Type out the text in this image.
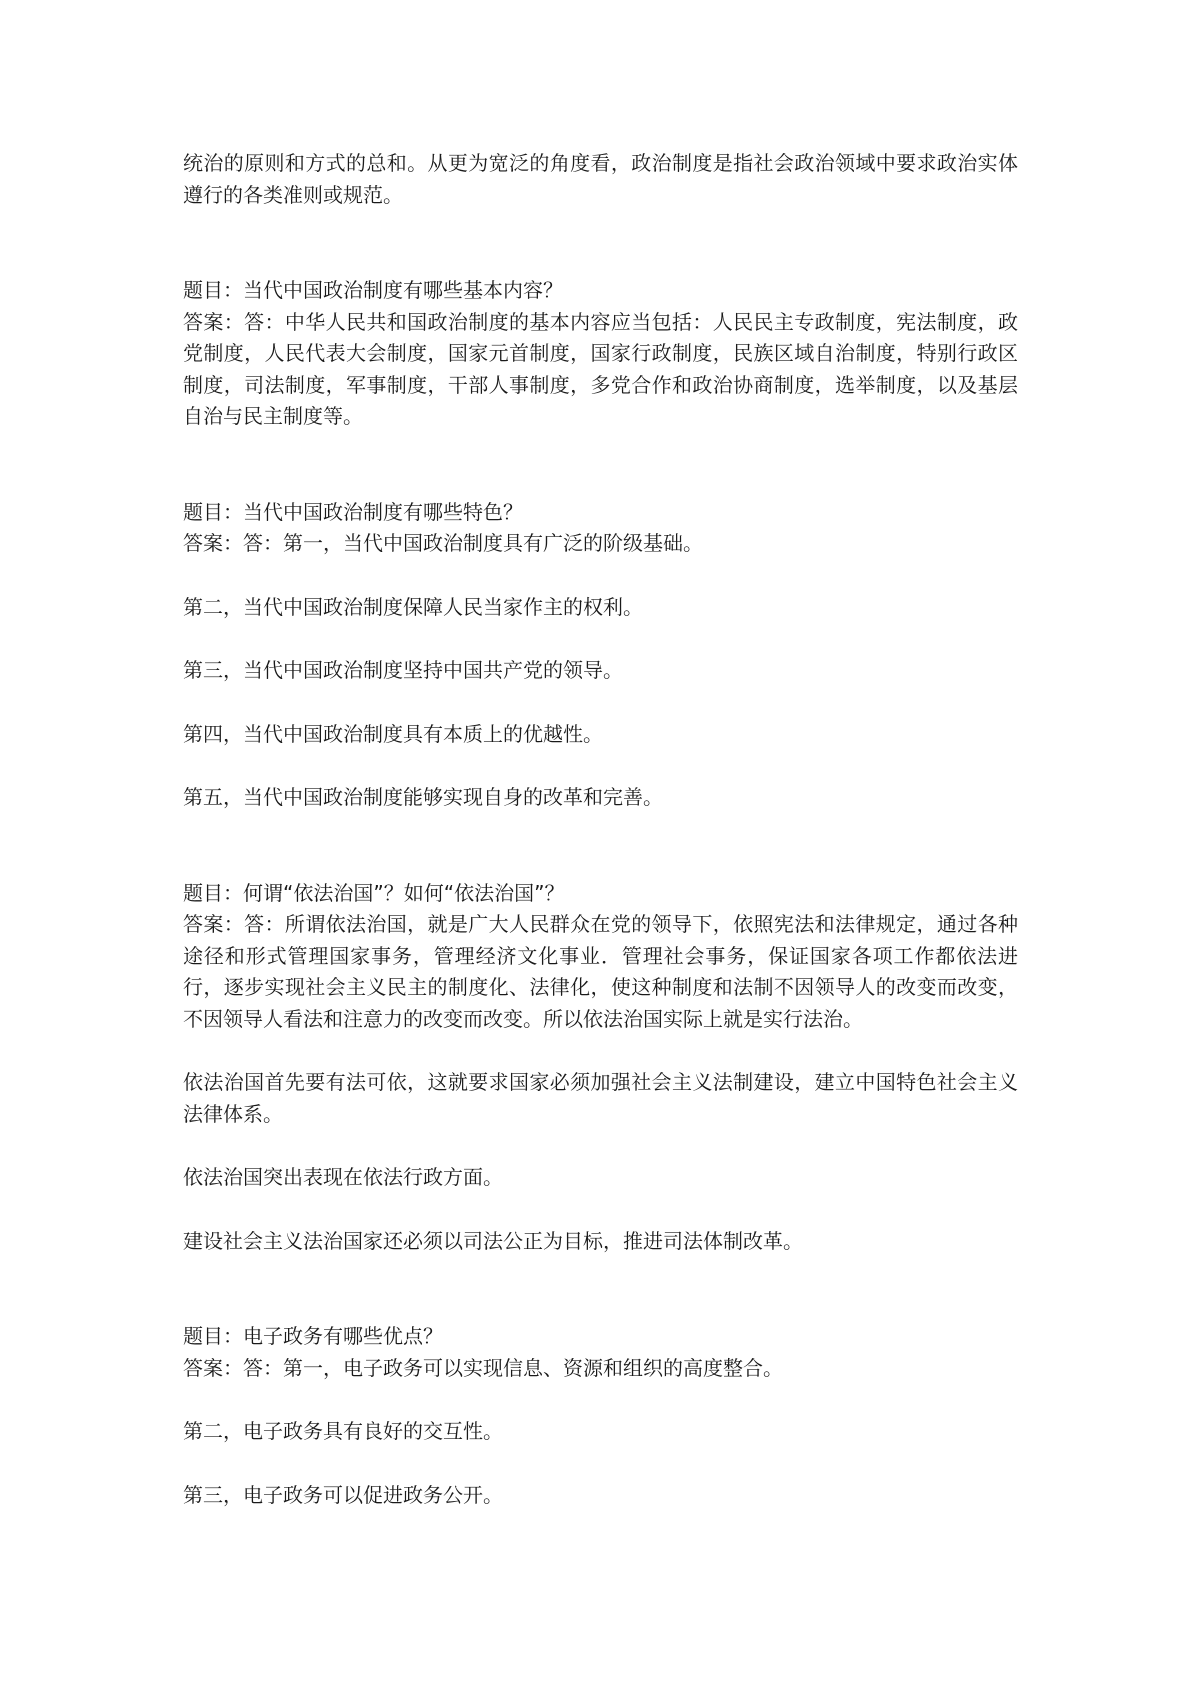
统治的原则和方式的总和。从更为宽泛的角度看，政治制度是指社会政治领域中要求政治实体遵行的各类准则或规范。

题目：当代中国政治制度有哪些基本内容？

答案：答：中华人民共和国政治制度的基本内容应当包括：人民民主专政制度，宪法制度，政党制度，人民代表大会制度，国家元首制度，国家行政制度，民族区域自治制度，特别行政区制度，司法制度，军事制度，干部人事制度，多党合作和政治协商制度，选举制度，以及基层自治与民主制度等。

题目：当代中国政治制度有哪些特色？

答案：答：第一，当代中国政治制度具有广泛的阶级基础。

第二，当代中国政治制度保障人民当家作主的权利。

第三，当代中国政治制度坚持中国共产党的领导。

第四，当代中国政治制度具有本质上的优越性。

第五，当代中国政治制度能够实现自身的改革和完善。

题目：何谓“依法治国”？如何“依法治国”？

答案：答：所谓依法治国，就是广大人民群众在党的领导下，依照宪法和法律规定，通过各种途径和形式管理国家事务，管理经济文化事业．管理社会事务，保证国家各项工作都依法进行，逐步实现社会主义民主的制度化、法律化，使这种制度和法制不因领导人的改变而改变，不因领导人看法和注意力的改变而改变。所以依法治国实际上就是实行法治。

依法治国首先要有法可依，这就要求国家必须加强社会主义法制建设，建立中国特色社会主义法律体系。

依法治国突出表现在依法行政方面。

建设社会主义法治国家还必须以司法公正为目标，推进司法体制改革。

题目：电子政务有哪些优点？

答案：答：第一，电子政务可以实现信息、资源和组织的高度整合。

第二，电子政务具有良好的交互性。

第三，电子政务可以促进政务公开。
